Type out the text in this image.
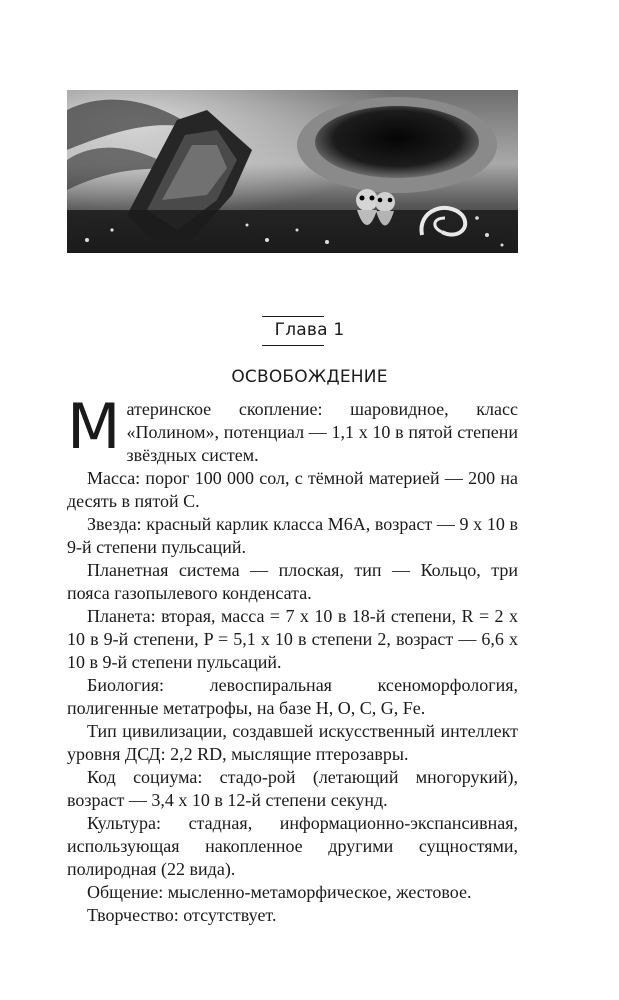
Глава 1
ОСВОБОЖДЕНИЕ

Материнское скопление: шаровидное, класс «Полином», потенциал — 1,1 х 10 в пятой степени звёздных систем.

Масса: порог 100 000 сол, с тёмной материей — 200 на десять в пятой С.

Звезда: красный карлик класса М6А, возраст — 9 х 10 в 9-й степени пульсаций.

Планетная система — плоская, тип — Кольцо, три пояса газопылевого конденсата.

Планета: вторая, масса = 7 х 10 в 18-й степени, R = 2 х 10 в 9-й степени, P = 5,1 х 10 в степени 2, возраст — 6,6 х 10 в 9-й степени пульсаций.

Биология: левоспиральная ксеноморфология, полигенные метатрофы, на базе H, O, C, G, Fe.

Тип цивилизации, создавшей искусственный интеллект уровня ДСД: 2,2 RD, мыслящие птерозавры.

Код социума: стадо-рой (летающий многорукий), возраст — 3,4 х 10 в 12-й степени секунд.

Культура: стадная, информационно-экспансивная, использующая накопленное другими сущностями, полиродная (22 вида).

Общение: мысленно-метаморфическое, жестовое.

Творчество: отсутствует.
